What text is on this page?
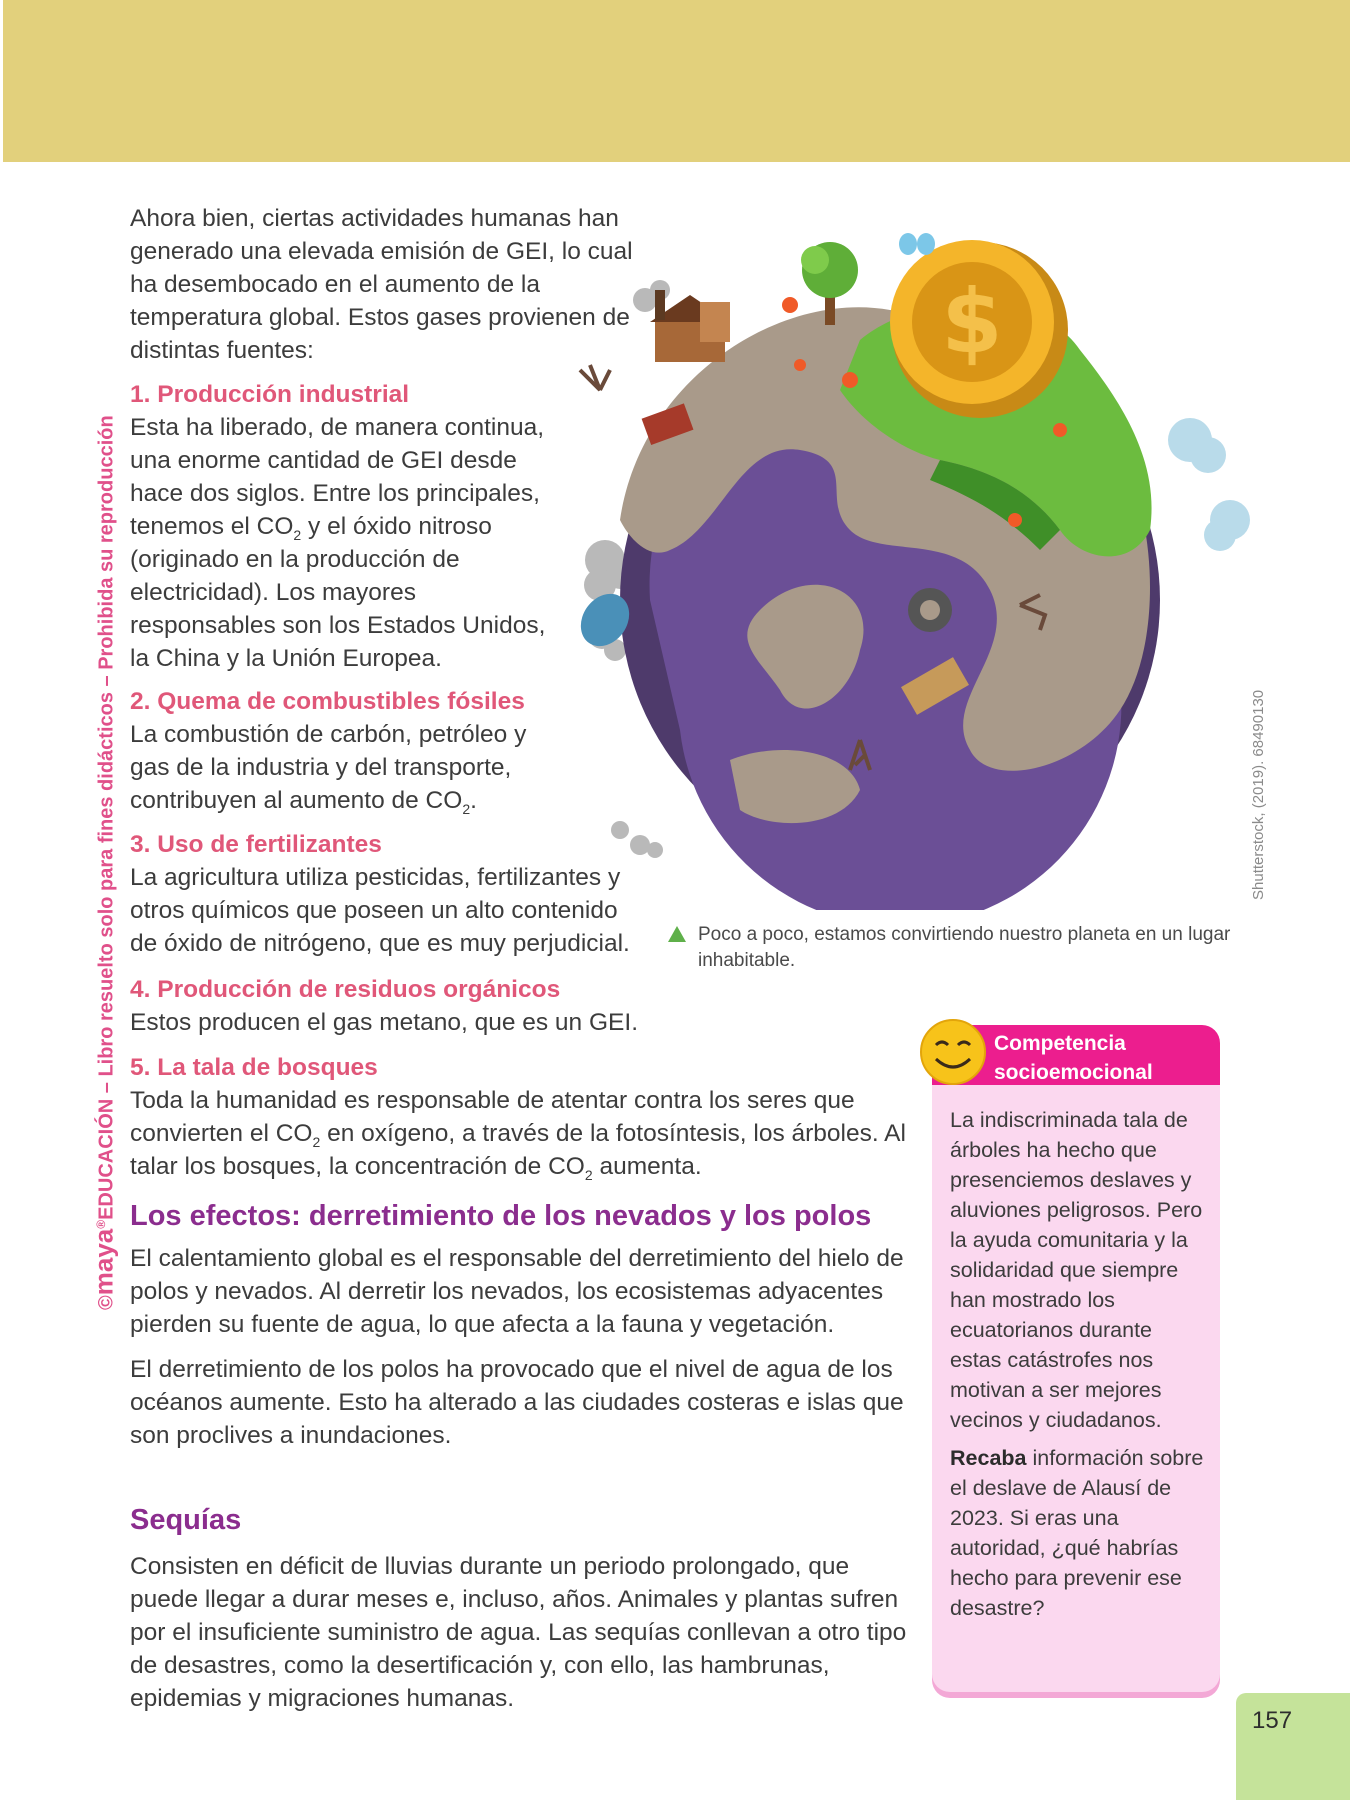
©maya®EDUCACIÓN – Libro resuelto solo para fines didácticos – Prohibida su reproducción

Ahora bien, ciertas actividades humanas han generado una elevada emisión de GEI, lo cual ha desembocado en el aumento de la temperatura global. Estos gases provienen de distintas fuentes:

1. Producción industrial

Esta ha liberado, de manera continua, una enorme cantidad de GEI desde hace dos siglos. Entre los principales, tenemos el $CO_2$ y el óxido nitroso (originado en la producción de electricidad). Los mayores responsables son los Estados Unidos, la China y la Unión Europea.

2. Quema de combustibles fósiles

La combustión de carbón, petróleo y gas de la industria y del transporte, contribuyen al aumento de $CO_2$.

3. Uso de fertilizantes

La agricultura utiliza pesticidas, fertilizantes y otros químicos que poseen un alto contenido de óxido de nitrógeno, que es muy perjudicial.

4. Producción de residuos orgánicos

Estos producen el gas metano, que es un GEI.

5. La tala de bosques

Toda la humanidad es responsable de atentar contra los seres que convierten el $CO_2$ en oxígeno, a través de la fotosíntesis, los árboles. Al talar los bosques, la concentración de $CO_2$ aumenta.

Los efectos: derretimiento de los nevados y los polos

El calentamiento global es el responsable del derretimiento del hielo de polos y nevados. Al derretir los nevados, los ecosistemas adyacentes pierden su fuente de agua, lo que afecta a la fauna y vegetación.

El derretimiento de los polos ha provocado que el nivel de agua de los océanos aumente. Esto ha alterado a las ciudades costeras e islas que son proclives a inundaciones.

Sequías

Consisten en déficit de lluvias durante un periodo prolongado, que puede llegar a durar meses e, incluso, años. Animales y plantas sufren por el insuficiente suministro de agua. Las sequías conllevan a otro tipo de desastres, como la desertificación y, con ello, las hambrunas, epidemias y migraciones humanas.

$
Shutterstock, (2019). 68490130
Poco a poco, estamos convirtiendo nuestro planeta en un lugar inhabitable.
Competencia
socioemocional

La indiscriminada tala de árboles ha hecho que presenciemos deslaves y aluviones peligrosos. Pero la ayuda comunitaria y la solidaridad que siempre han mostrado los ecuatorianos durante estas catástrofes nos motivan a ser mejores vecinos y ciudadanos.

Recaba información sobre el deslave de Alausí de 2023. Si eras una autoridad, ¿qué habrías hecho para prevenir ese desastre?

157
